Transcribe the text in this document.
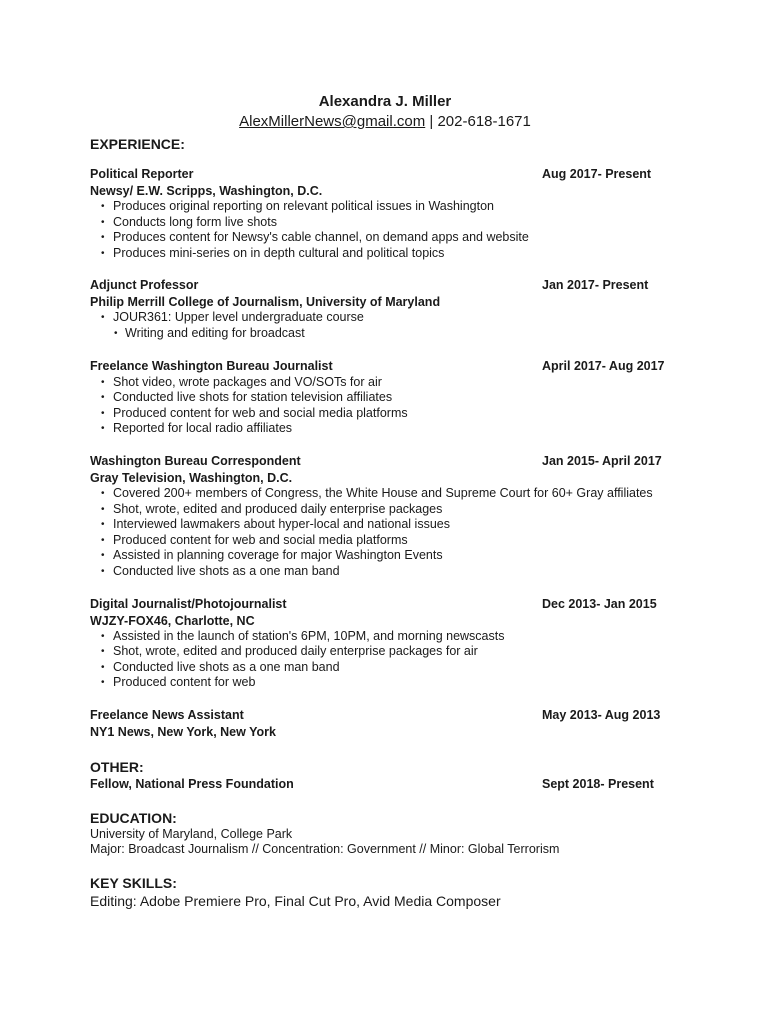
Alexandra J. Miller
AlexMillerNews@gmail.com | 202-618-1671
EXPERIENCE:
Political Reporter	Aug 2017- Present
Newsy/ E.W. Scripps, Washington, D.C.
• Produces original reporting on relevant political issues in Washington
• Conducts long form live shots
• Produces content for Newsy's cable channel, on demand apps and website
• Produces mini-series on in depth cultural and political topics
Adjunct Professor	Jan 2017- Present
Philip Merrill College of Journalism, University of Maryland
• JOUR361: Upper level undergraduate course
• Writing and editing for broadcast
Freelance Washington Bureau Journalist	April 2017- Aug 2017
• Shot video, wrote packages and VO/SOTs for air
• Conducted live shots for station television affiliates
• Produced content for web and social media platforms
• Reported for local radio affiliates
Washington Bureau Correspondent	Jan 2015- April 2017
Gray Television, Washington, D.C.
• Covered 200+ members of Congress, the White House and Supreme Court for 60+ Gray affiliates
• Shot, wrote, edited and produced daily enterprise packages
• Interviewed lawmakers about hyper-local and national issues
• Produced content for web and social media platforms
• Assisted in planning coverage for major Washington Events
• Conducted live shots as a one man band
Digital Journalist/Photojournalist	Dec 2013- Jan 2015
WJZY-FOX46, Charlotte, NC
• Assisted in the launch of station's 6PM, 10PM, and morning newscasts
• Shot, wrote, edited and produced daily enterprise packages for air
• Conducted live shots as a one man band
• Produced content for web
Freelance News Assistant	May 2013- Aug 2013
NY1 News, New York, New York
OTHER:
Fellow, National Press Foundation	Sept 2018- Present
EDUCATION:
University of Maryland, College Park
Major: Broadcast Journalism // Concentration: Government // Minor: Global Terrorism
KEY SKILLS:
Editing: Adobe Premiere Pro, Final Cut Pro, Avid Media Composer
